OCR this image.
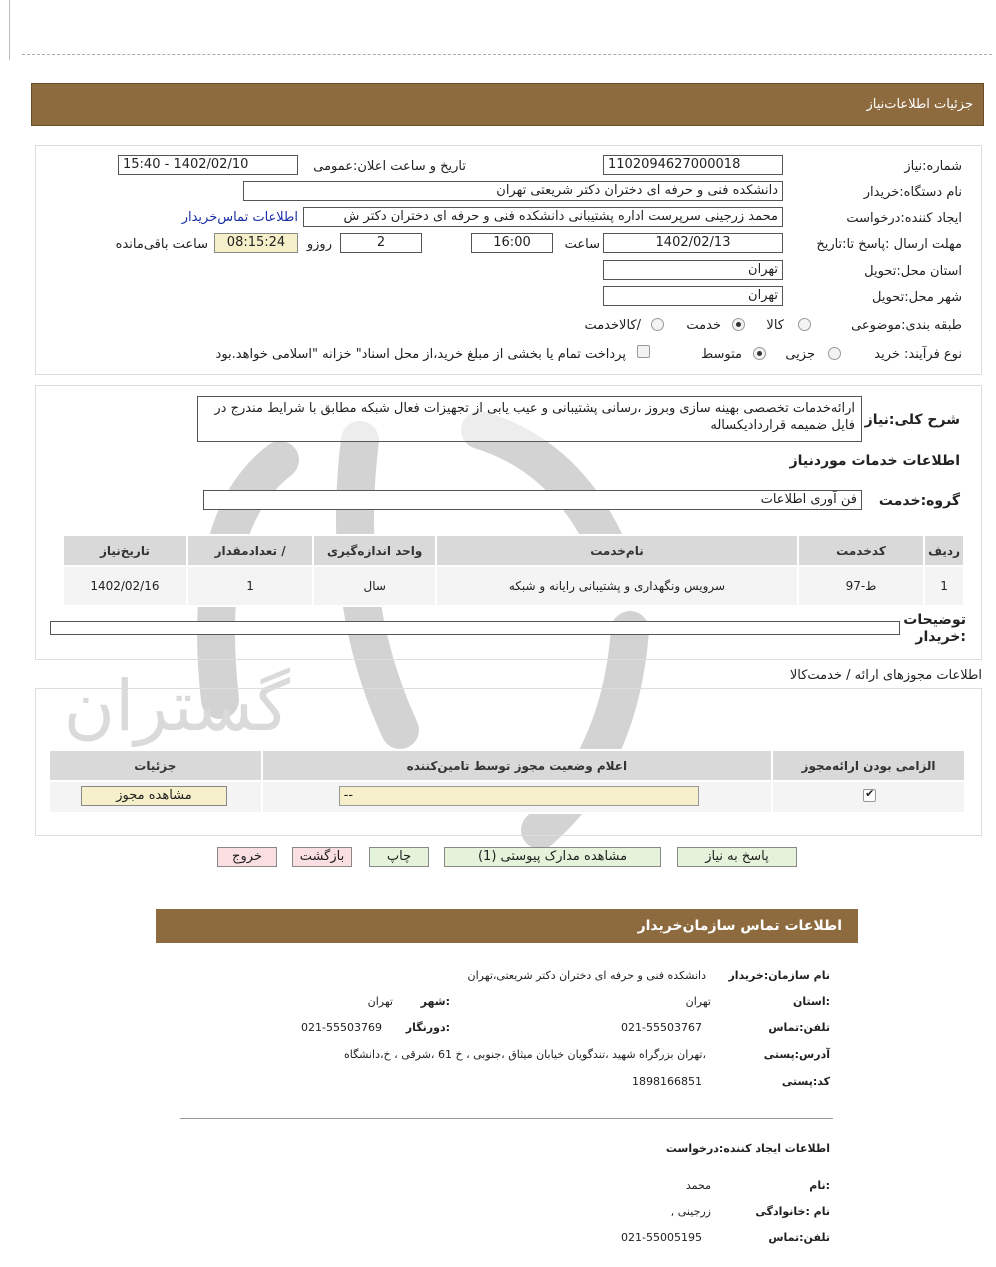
جزئیات اطلاعات‌نیاز
گستران
شماره:نیاز
1102094627000018
تاریخ و ساعت اعلان:عمومی
1402/02/10 - 15:40
نام دستگاه:خریدار
دانشکده فنی و حرفه ای دختران دکتر شریعتی تهران
ایجاد کننده:درخواست
محمد زرجینی سرپرست اداره پشتیبانی دانشکده فنی و حرفه ای دختران دکتر ش
اطلاعات تماس‌خریدار
مهلت ارسال :پاسخ تا:تاریخ
1402/02/13
ساعت
16:00
2
روزو
08:15:24
ساعت باقی‌مانده
استان محل:تحویل
تهران
شهر محل:تحویل
تهران
طبقه بندی:موضوعی
کالا
خدمت
/کالاخدمت
نوع فرآیند: خرید
جزیی
متوسط
پرداخت تمام یا بخشی از مبلغ خرید،از محل اسناد" خزانه "اسلامی خواهد.بود
شرح کلی:نیاز
ارائه‌خدمات تخصصی بهینه سازی وبروز ،رسانی پشتیبانی و عیب یابی از تجهیزات فعال شبکه مطابق با شرایط مندرج در فایل ضمیمه قراردادیکساله
اطلاعات خدمات موردنیاز
گروه:خدمت
فن آوری اطلاعات
ردیف	کدخدمت	نام‌خدمت	واحد اندازه‌گیری	/ تعدادمقدار	تاریخ‌نیاز
1	ط-97	سرویس ونگهداری و پشتیبانی رایانه و شبکه	سال	1	1402/02/16
توضیحات :خریدار
اطلاعات مجوزهای ارائه / خدمت‌کالا
الزامی بودن ارائه‌مجوز	اعلام وضعیت مجوز توسط تامین‌کننده	جزئیات

✔	--	مشاهده مجوز
پاسخ به نیاز
مشاهده مدارک پیوستی (1)
چاپ
بازگشت
خروج
اطلاعات تماس سازمان‌خریدار
نام سازمان:خریدار
دانشکده فنی و حرفه ای دختران دکتر شریعتی،تهران
:استان
تهران
:شهر
تهران
تلفن:تماس
021-55503767
:دورنگار
021-55503769
آدرس:پستی
،تهران بزرگراه شهید ،تندگویان خیابان میثاق ،جنوبی ، خ 61 ،شرقی ، خ،دانشگاه
کد:پستی
1898166851
اطلاعات ایجاد کننده:درخواست
:نام
محمد
نام :خانوادگی
زرجینی ,
تلفن:تماس
021-55005195
